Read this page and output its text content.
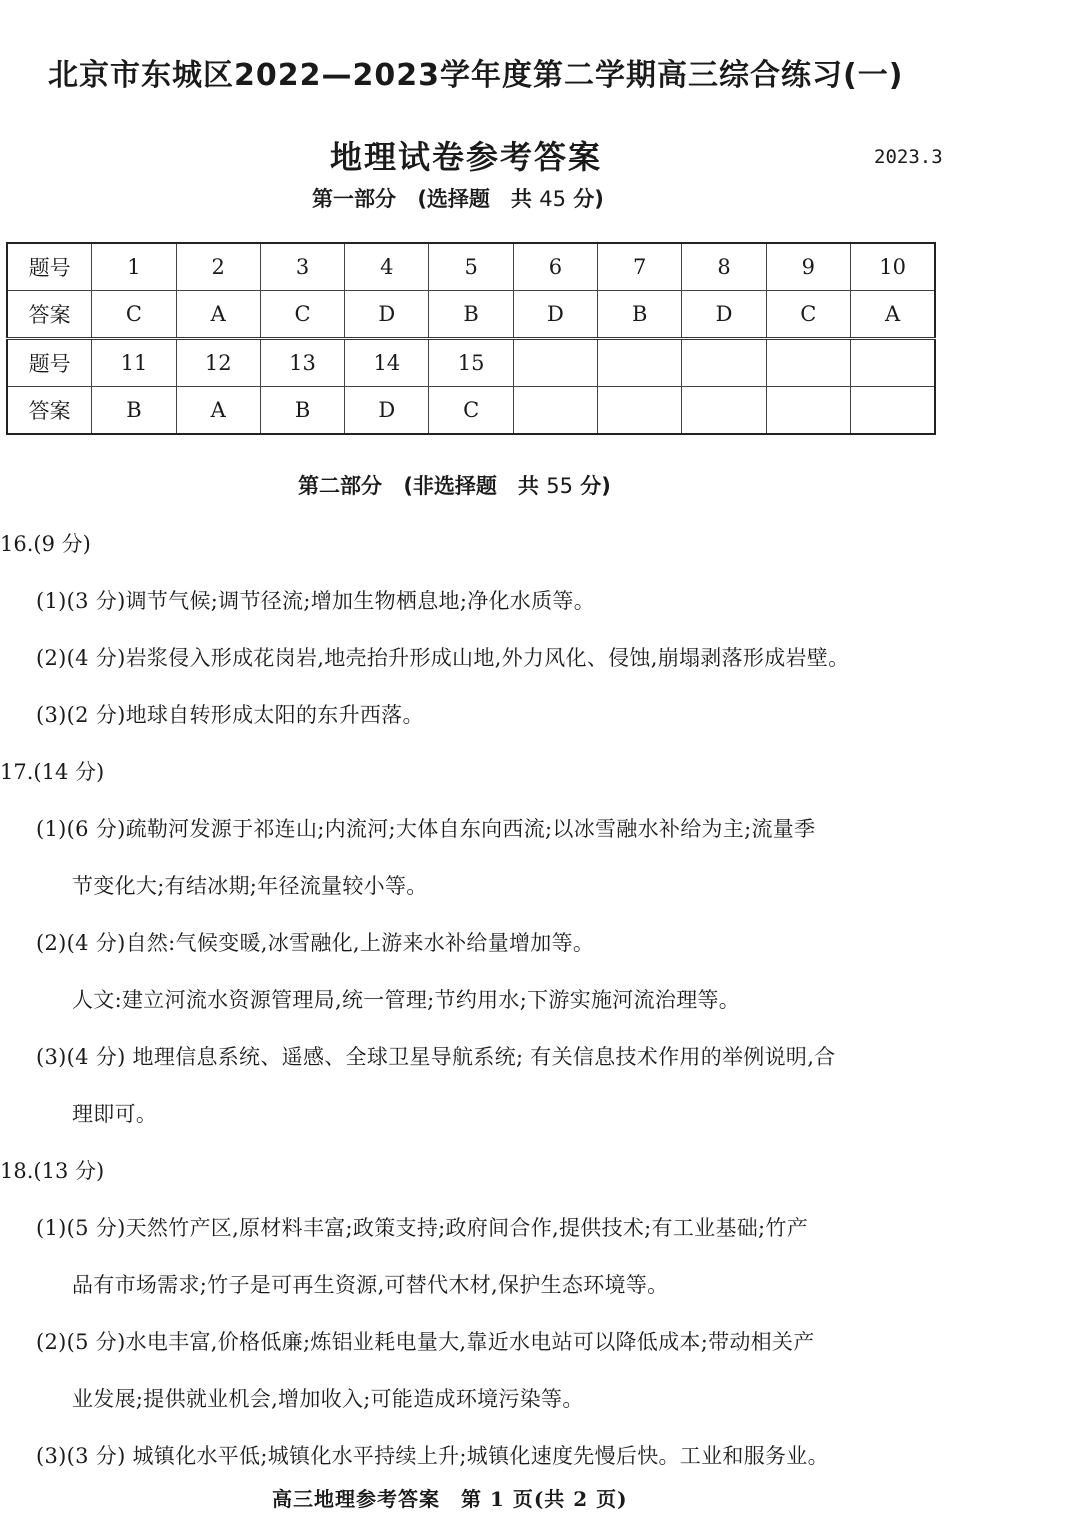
北京市东城区2022—2023学年度第二学期高三综合练习(一)
地理试卷参考答案	2023.3
第一部分 (选择题　共 45 分)
题号	1	2	3	4	5	6	7	8	9	10
答案	C	A	C	D	B	D	B	D	C	A
题号	11	12	13	14	15					
答案	B	A	B	D	C					
第二部分 (非选择题　共 55 分)
16.(9 分)
(1)(3 分)调节气候;调节径流;增加生物栖息地;净化水质等。
(2)(4 分)岩浆侵入形成花岗岩,地壳抬升形成山地,外力风化、侵蚀,崩塌剥落形成岩壁。
(3)(2 分)地球自转形成太阳的东升西落。
17.(14 分)
(1)(6 分)疏勒河发源于祁连山;内流河;大体自东向西流;以冰雪融水补给为主;流量季
节变化大;有结冰期;年径流量较小等。
(2)(4 分)自然:气候变暖,冰雪融化,上游来水补给量增加等。
人文:建立河流水资源管理局,统一管理;节约用水;下游实施河流治理等。
(3)(4 分) 地理信息系统、遥感、全球卫星导航系统; 有关信息技术作用的举例说明,合
理即可。
18.(13 分)
(1)(5 分)天然竹产区,原材料丰富;政策支持;政府间合作,提供技术;有工业基础;竹产
品有市场需求;竹子是可再生资源,可替代木材,保护生态环境等。
(2)(5 分)水电丰富,价格低廉;炼铝业耗电量大,靠近水电站可以降低成本;带动相关产
业发展;提供就业机会,增加收入;可能造成环境污染等。
(3)(3 分) 城镇化水平低;城镇化水平持续上升;城镇化速度先慢后快。工业和服务业。
高三地理参考答案　第 1 页(共 2 页)
